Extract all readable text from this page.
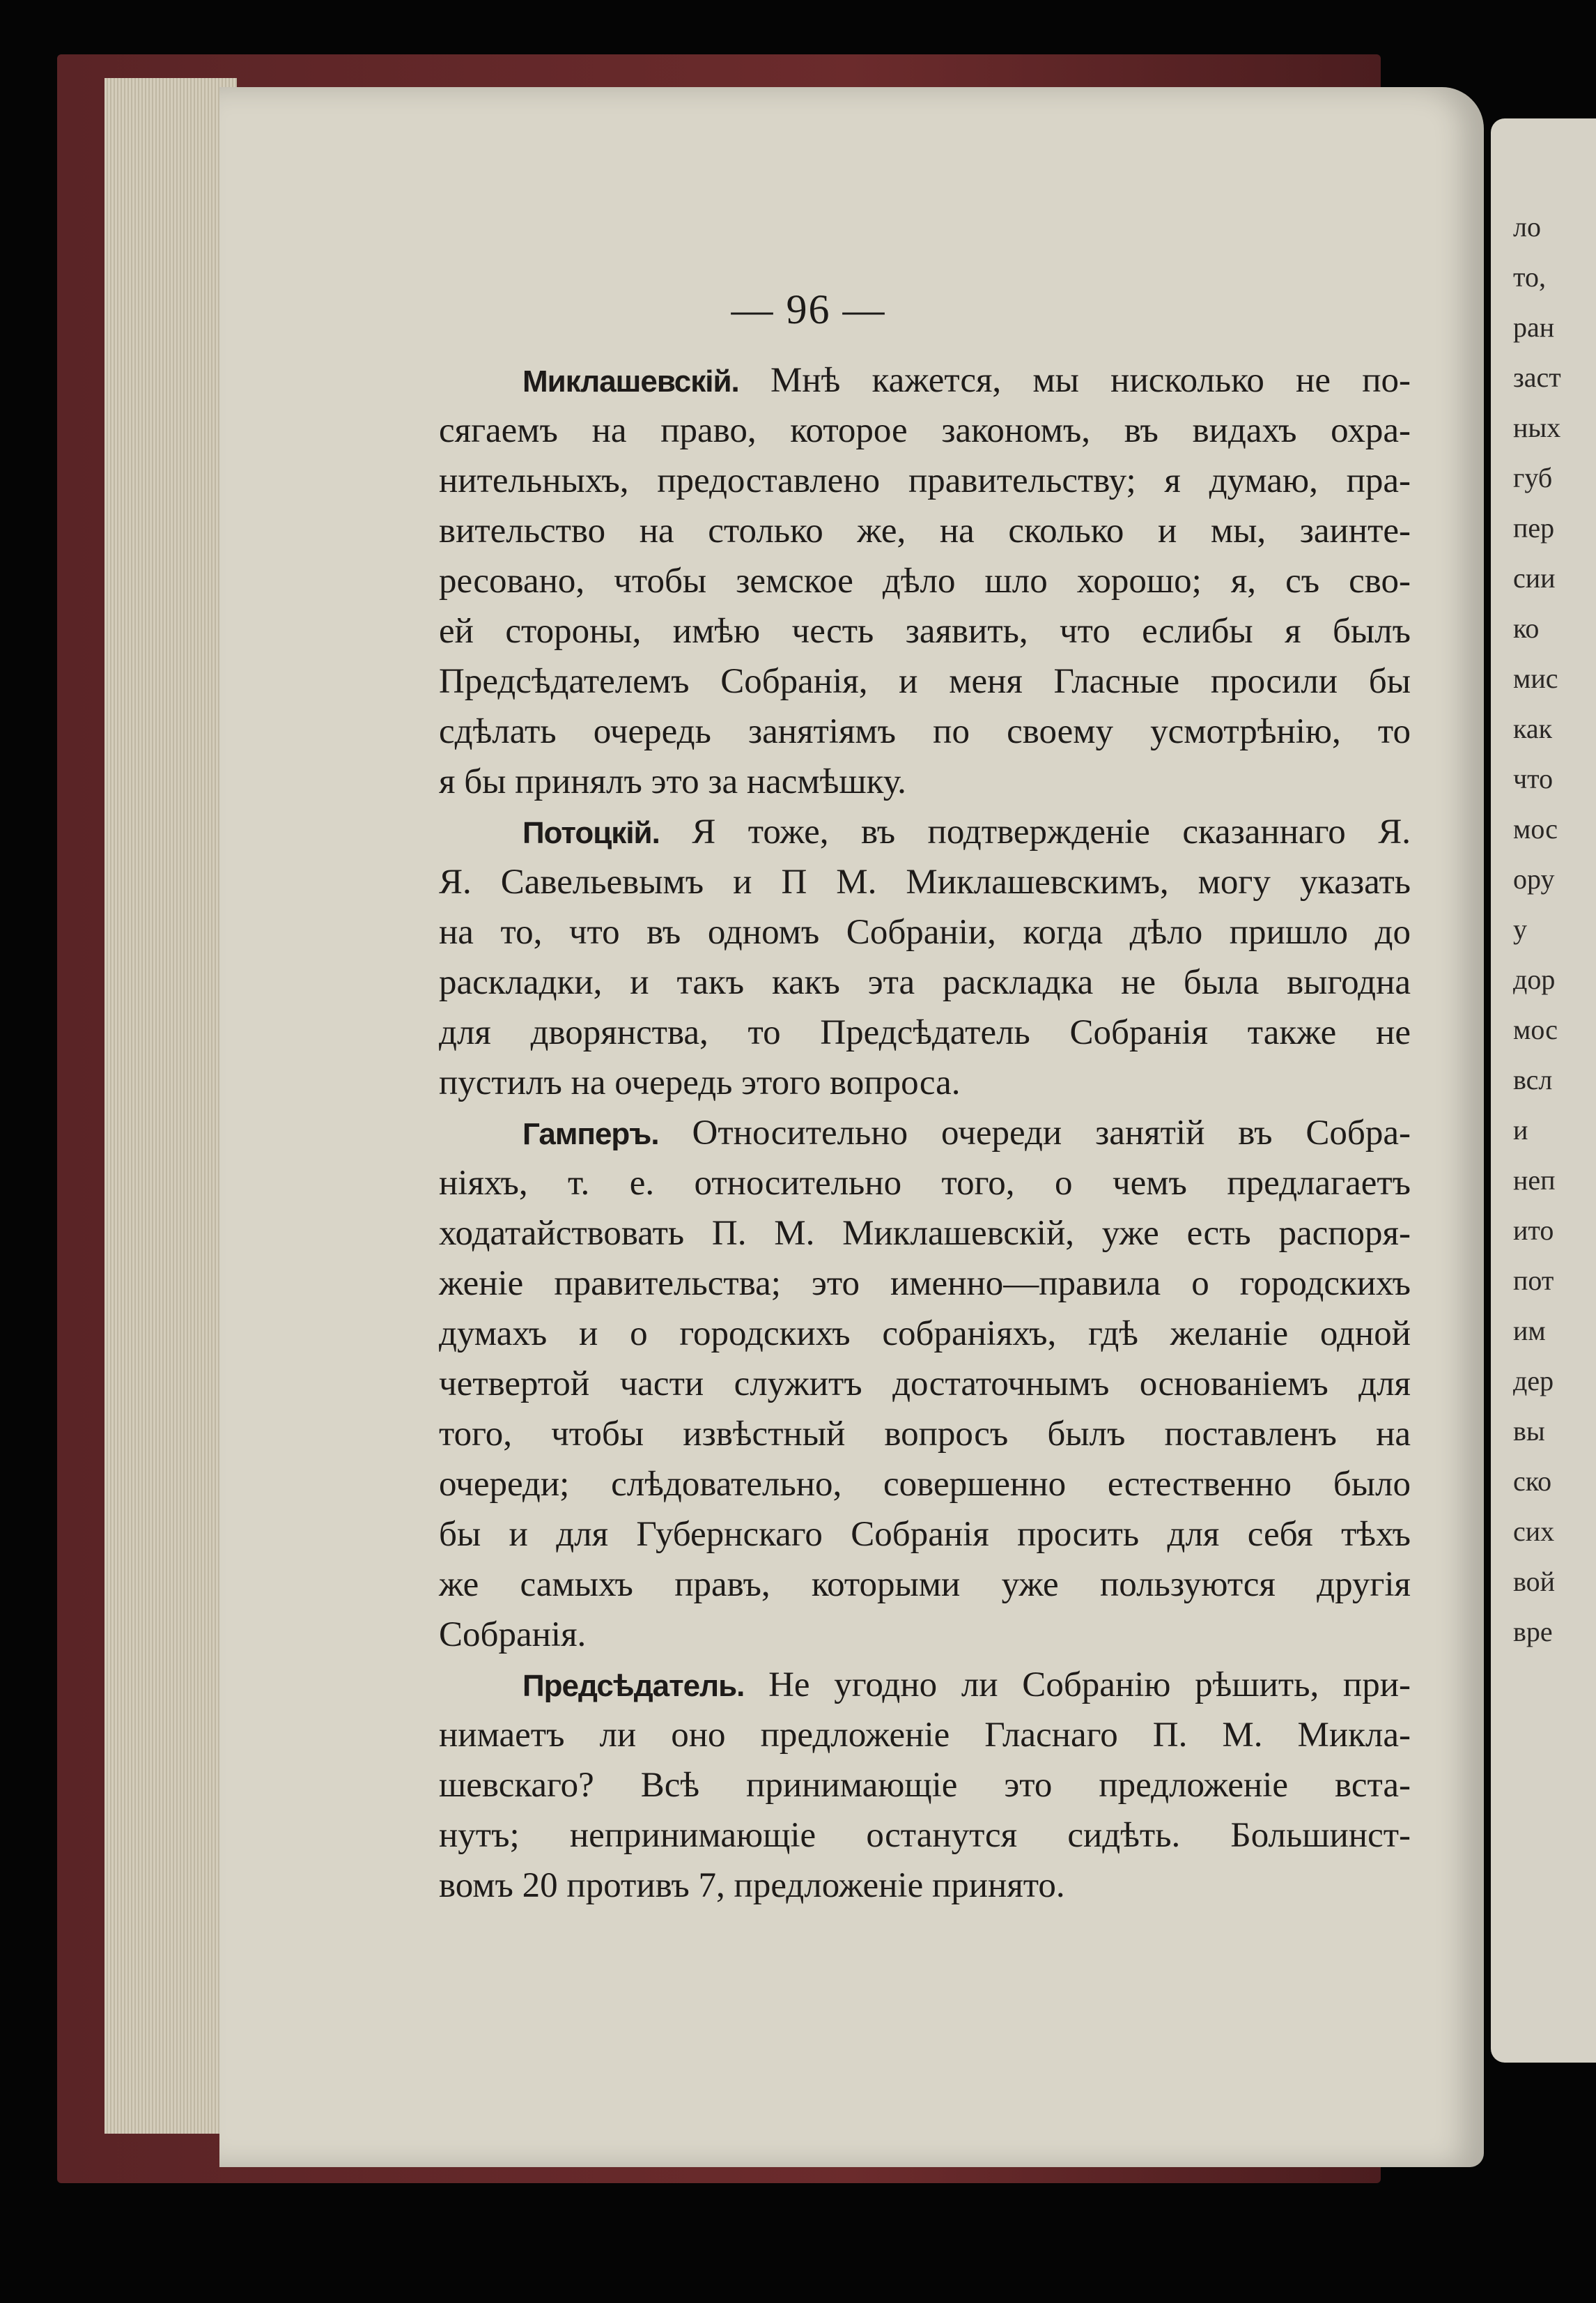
ло
то,
ран
заст
ных
губ
пер
сии
ко
мис
как
что
мос
ору
у
дор
мос
всл
и
неп
ито
пот
им
дер
вы
ско
сих
вой
вре
— 96 —
Миклашевскій. Мнѣ кажется, мы нисколько не по-
сягаемъ на право, которое закономъ, въ видахъ охра-
нительныхъ, предоставлено правительству; я думаю, пра-
вительство на столько же, на сколько и мы, заинте-
ресовано, чтобы земское дѣло шло хорошо; я, съ сво-
ей стороны, имѣю честь заявить, что еслибы я былъ
Предсѣдателемъ Собранія, и меня Гласные просили бы
сдѣлать очередь занятіямъ по своему усмотрѣнію, то
я бы принялъ это за насмѣшку.
Потоцкій. Я тоже, въ подтвержденіе сказаннаго Я.
Я. Савельевымъ и П М. Миклашевскимъ, могу указать
на то, что въ одномъ Собраніи, когда дѣло пришло до
раскладки, и такъ какъ эта раскладка не была выгодна
для дворянства, то Предсѣдатель Собранія также не
пустилъ на очередь этого вопроса.
Гамперъ. Относительно очереди занятій въ Собра-
ніяхъ, т. е. относительно того, о чемъ предлагаетъ
ходатайствовать П. М. Миклашевскій, уже есть распоря-
женіе правительства; это именно—правила о городскихъ
думахъ и о городскихъ собраніяхъ, гдѣ желаніе одной
четвертой части служитъ достаточнымъ основаніемъ для
того, чтобы извѣстный вопросъ былъ поставленъ на
очереди; слѣдовательно, совершенно естественно было
бы и для Губернскаго Собранія просить для себя тѣхъ
же самыхъ правъ, которыми уже пользуются другія
Собранія.
Предсѣдатель. Не угодно ли Собранію рѣшить, при-
нимаетъ ли оно предложеніе Гласнаго П. М. Микла-
шевскаго? Всѣ принимающіе это предложеніе вста-
нутъ; непринимающіе останутся сидѣть. Большинст-
вомъ 20 противъ 7, предложеніе принято.
